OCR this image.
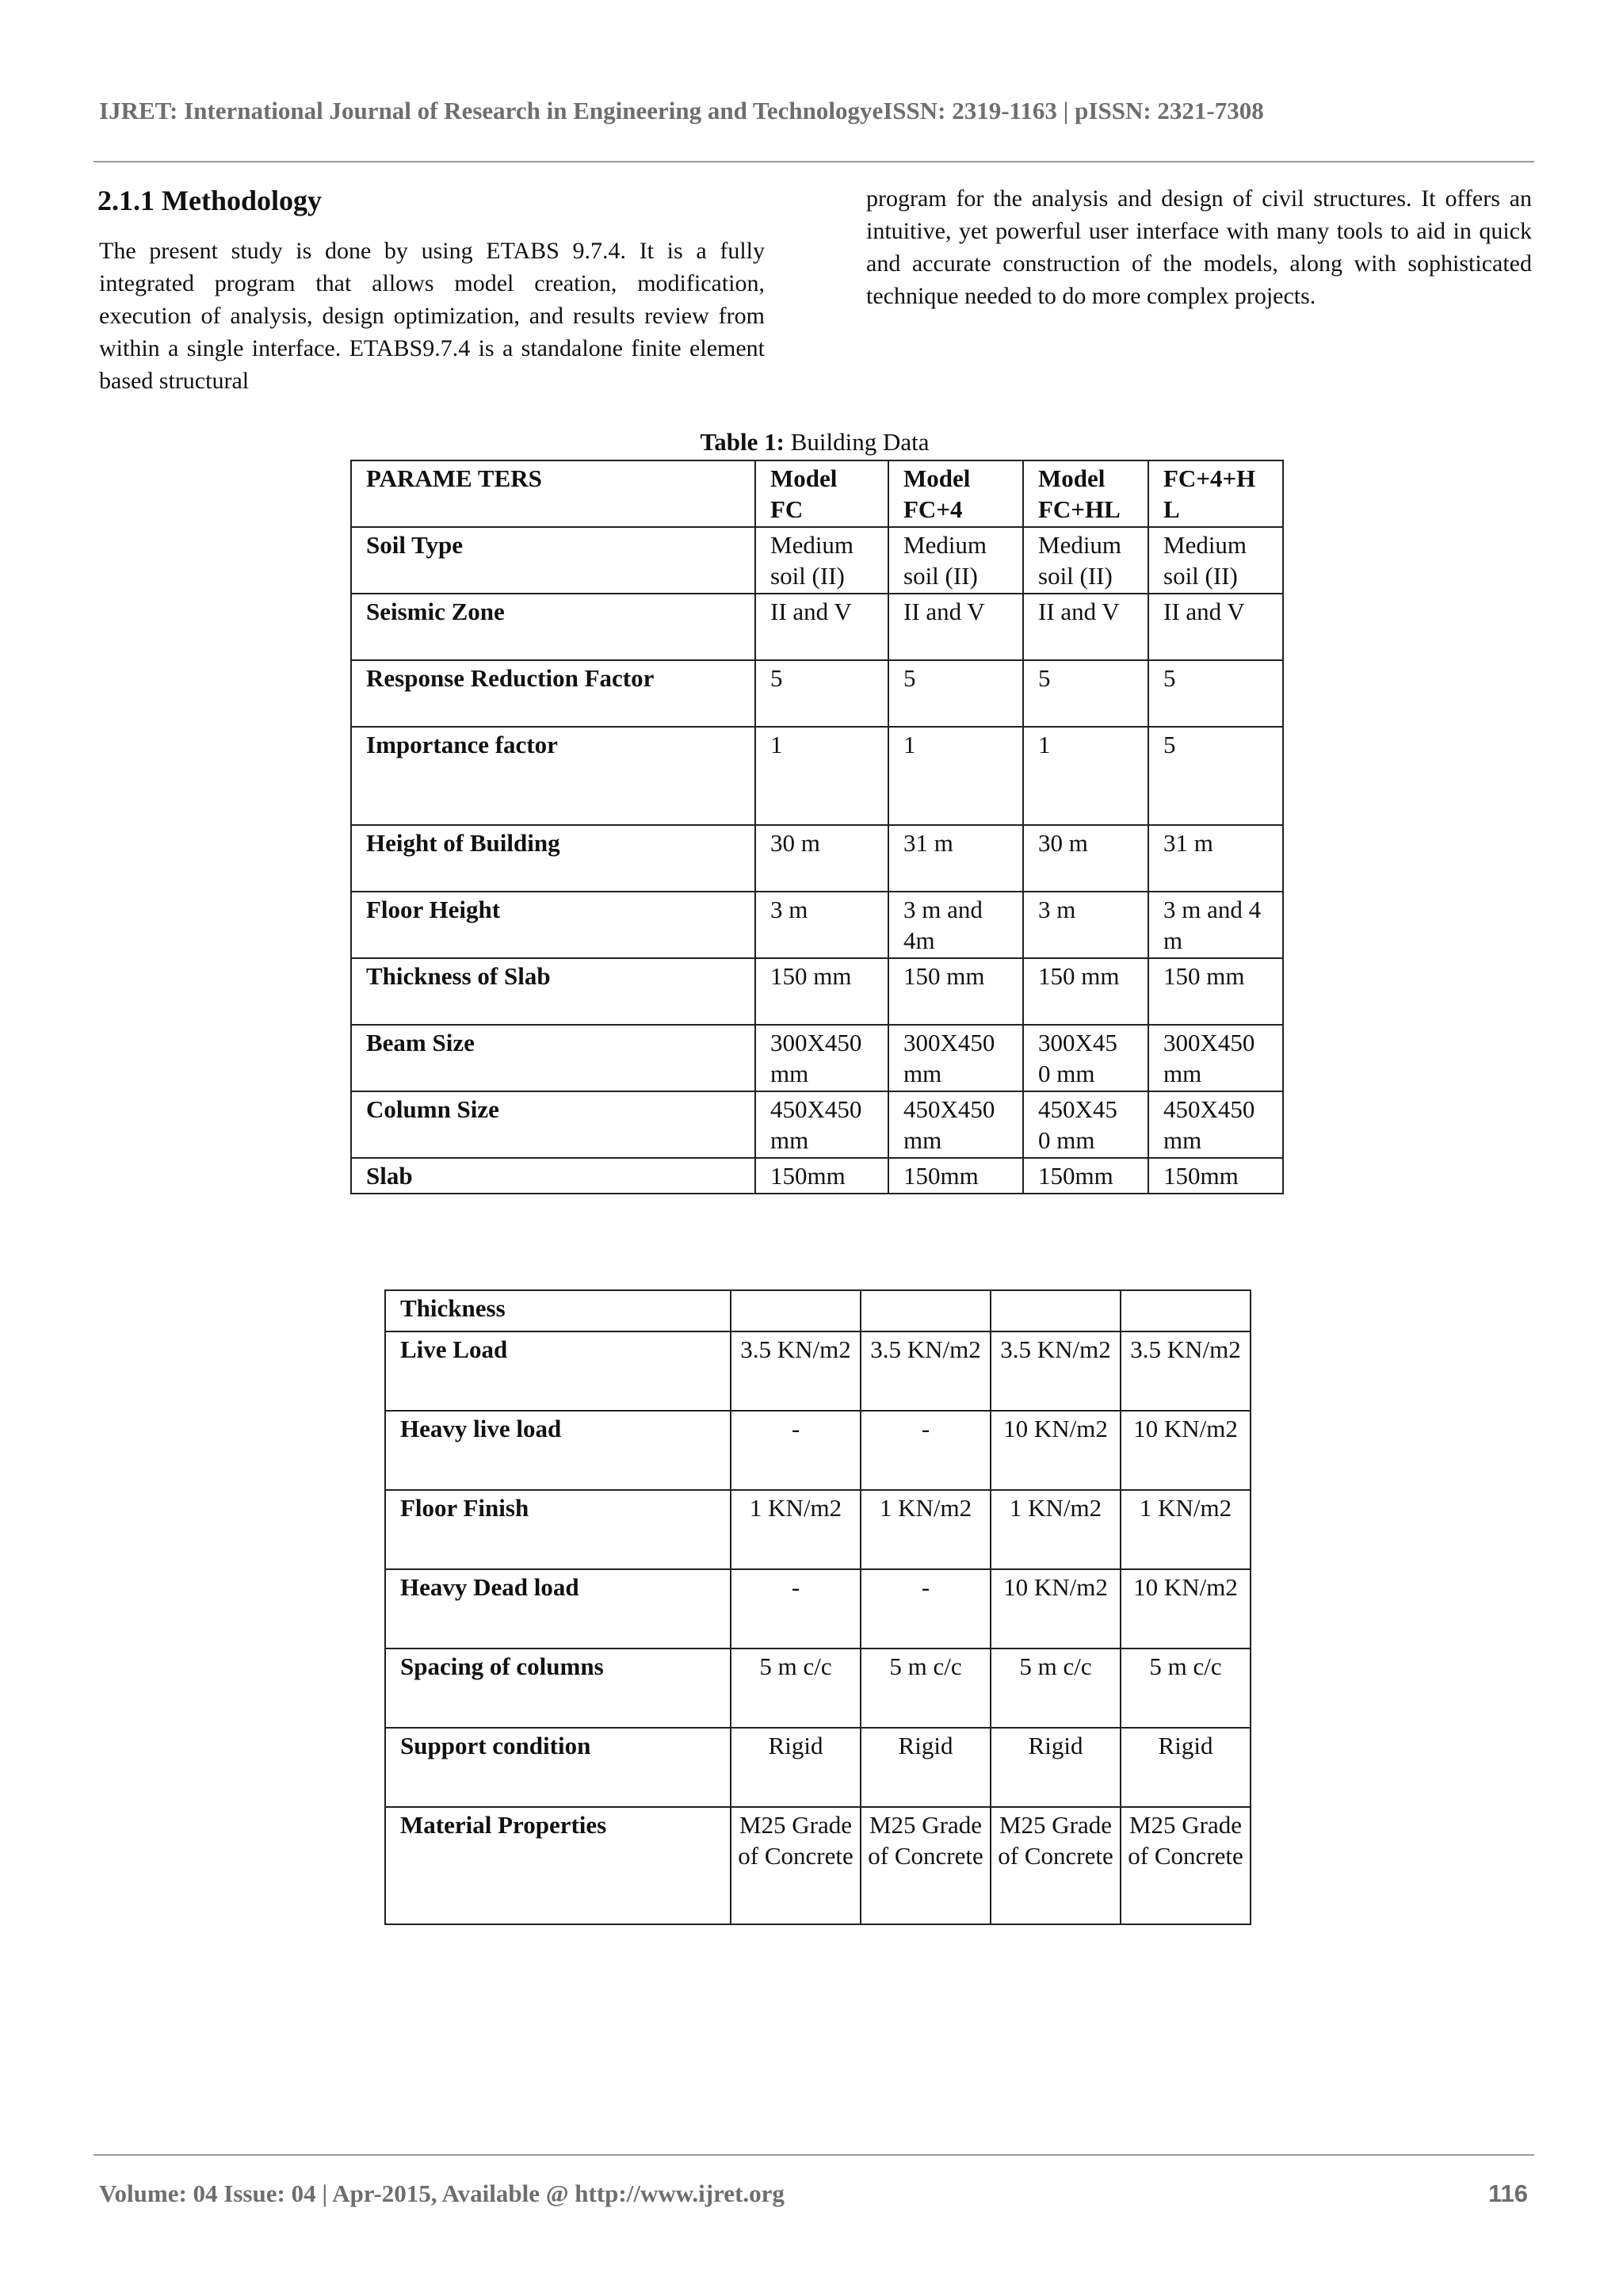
IJRET: International Journal of Research in Engineering and TechnologyeISSN: 2319-1163 | pISSN: 2321-7308
2.1.1 Methodology

The present study is done by using ETABS 9.7.4. It is a fully integrated program that allows model creation, modification, execution of analysis, design optimization, and results review from within a single interface. ETABS9.7.4 is a standalone finite element based structural

program for the analysis and design of civil structures. It offers an intuitive, yet powerful user interface with many tools to aid in quick and accurate construction of the models, along with sophisticated technique needed to do more complex projects.

Table 1: Building Data
PARAME TERS	Model FC	Model FC+4	Model FC+HL	FC+4+H L
Soil Type	Medium soil (II)	Medium soil (II)	Medium soil (II)	Medium soil (II)
Seismic Zone	II and V	II and V	II and V	II and V
Response Reduction Factor	5	5	5	5
Importance factor	1	1	1	5
Height of Building	30 m	31 m	30 m	31 m
Floor Height	3 m	3 m and 4m	3 m	3 m and 4 m
Thickness of Slab	150 mm	150 mm	150 mm	150 mm
Beam Size	300X450 mm	300X450 mm	300X45 0 mm	300X450 mm
Column Size	450X450 mm	450X450 mm	450X45 0 mm	450X450 mm
Slab	150mm	150mm	150mm	150mm
Thickness				
Live Load	3.5 KN/m2	3.5 KN/m2	3.5 KN/m2	3.5 KN/m2
Heavy live load	-	-	10 KN/m2	10 KN/m2
Floor Finish	1 KN/m2	1 KN/m2	1 KN/m2	1 KN/m2
Heavy Dead load	-	-	10 KN/m2	10 KN/m2
Spacing of columns	5 m c/c	5 m c/c	5 m c/c	5 m c/c
Support condition	Rigid	Rigid	Rigid	Rigid
Material Properties	M25 Grade of Concrete	M25 Grade of Concrete	M25 Grade of Concrete	M25 Grade of Concrete
Volume: 04 Issue: 04 | Apr-2015, Available @ http://www.ijret.org	116
